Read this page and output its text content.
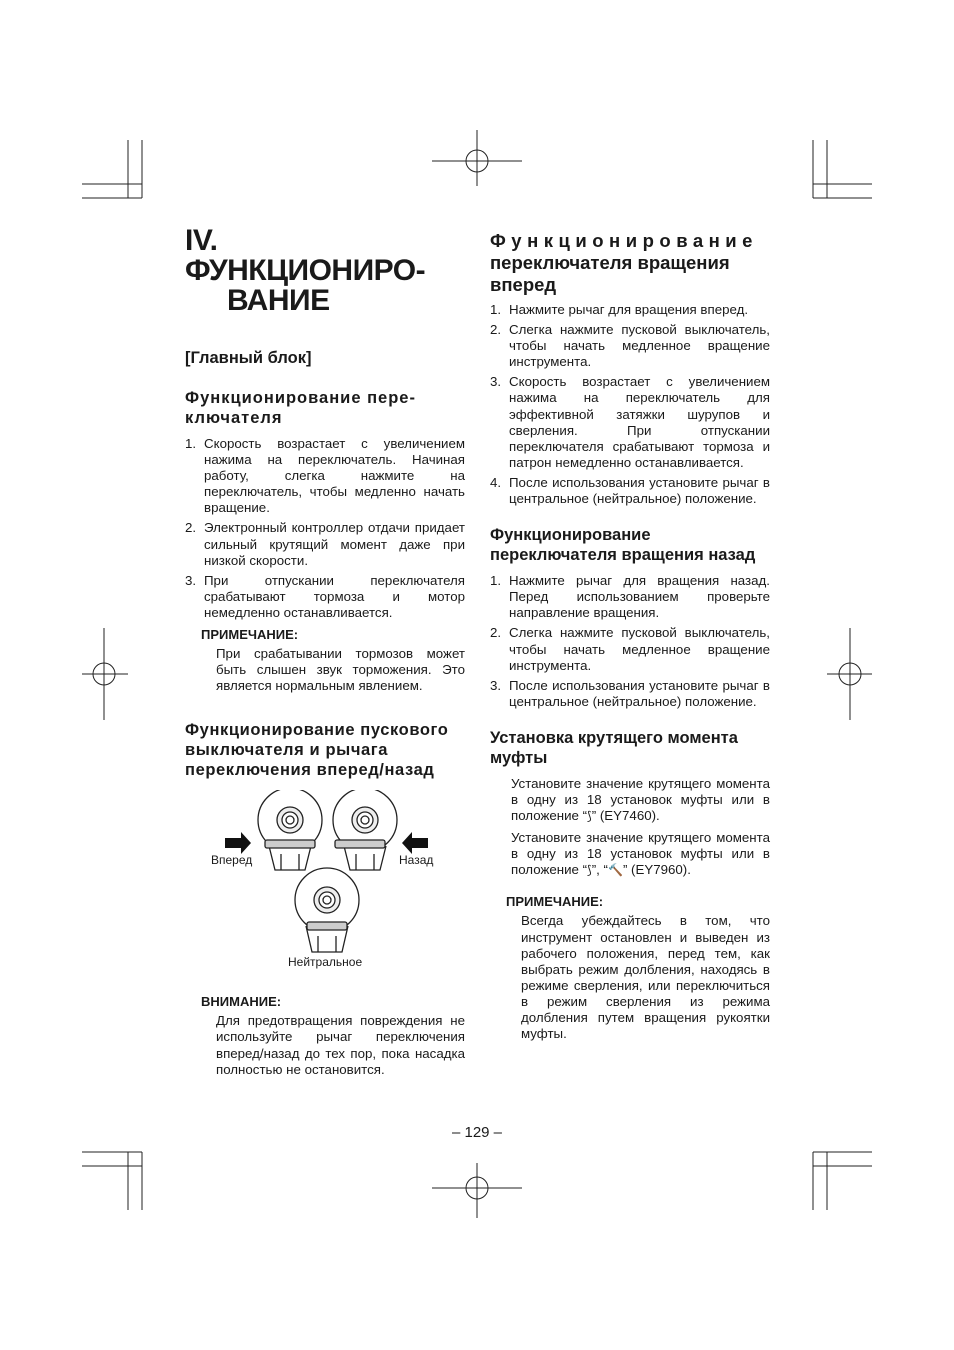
IV. ФУНКЦИОНИРО-
ВАНИЕ
[Главный блок]
Функционирование пере-ключателя
1. Скорость возрастает с увеличением нажима на переключатель. Начиная работу, слегка нажмите на переключатель, чтобы медленно начать вращение.
2. Электронный контроллер отдачи придает сильный крутящий момент даже при низкой скорости.
3. При отпускании переключателя срабатывают тормоза и мотор немедленно останавливается.
ПРИМЕЧАНИЕ:
При срабатывании тормозов может быть слышен звук торможения. Это является нормальным явлением.
Функционирование пускового выключателя и рычага переключения вперед/назад
Вперед	Назад
Нейтральное
ВНИМАНИЕ:
Для предотвращения повреждения не используйте рычаг переключения вперед/назад до тех пор, пока насадка полностью не остановится.
Функционирование
переключателя вращения вперед
1. Нажмите рычаг для вращения вперед.
2. Слегка нажмите пусковой выключатель, чтобы начать медленное вращение инструмента.
3. Скорость возрастает с увеличением нажима на переключатель для эффективной затяжки шурупов и сверления. При отпускании переключателя срабатывают тормоза и патрон немедленно останавливается.
4. После использования установите рычаг в центральное (нейтральное) положение.
Функционирование переключателя вращения назад
1. Нажмите рычаг для вращения назад. Перед использованием проверьте направление вращения.
2. Слегка нажмите пусковой выключатель, чтобы начать медленное вращение инструмента.
3. После использования установите рычаг в центральное (нейтральное) положение.
Установка крутящего момента муфты
Установите значение крутящего момента в одну из 18 установок муфты или в положение “⟆” (EY7460).
Установите значение крутящего момента в одну из 18 установок муфты или в положение “⟆”, “🔨” (EY7960).
ПРИМЕЧАНИЕ:
Всегда убеждайтесь в том, что инструмент остановлен и выведен из рабочего положения, перед тем, как выбрать режим долбления, находясь в режиме сверления, или переключиться в режим сверления из режима долбления путем вращения рукоятки муфты.
– 129 –
